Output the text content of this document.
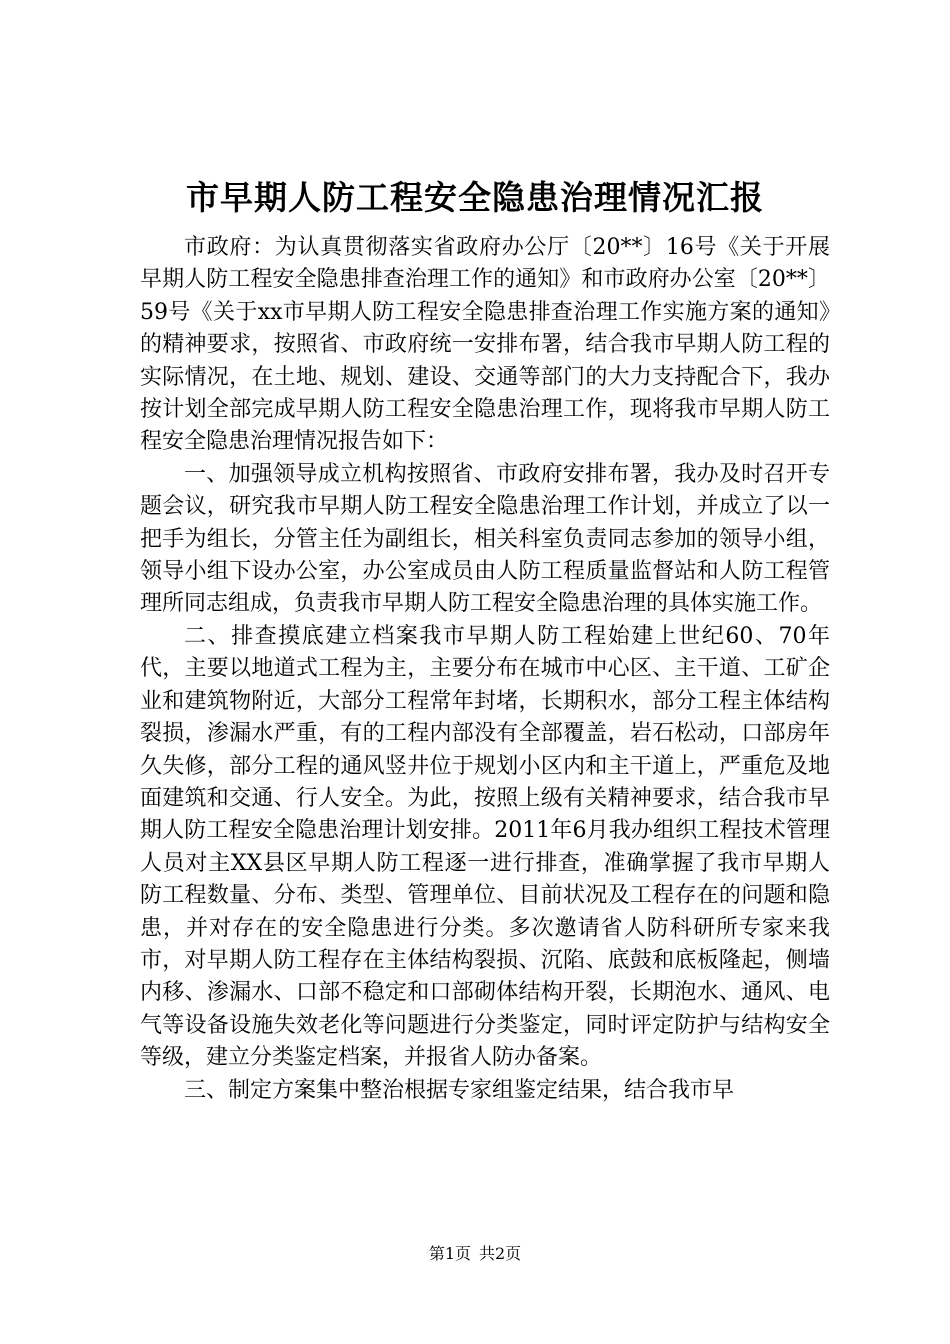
市早期人防工程安全隐患治理情况汇报

市政府：为认真贯彻落实省政府办公厅〔20**〕16号《关于开展早期人防工程安全隐患排查治理工作的通知》和市政府办公室〔20**〕59号《关于xx市早期人防工程安全隐患排查治理工作实施方案的通知》的精神要求，按照省、市政府统一安排布署，结合我市早期人防工程的实际情况，在土地、规划、建设、交通等部门的大力支持配合下，我办按计划全部完成早期人防工程安全隐患治理工作，现将我市早期人防工程安全隐患治理情况报告如下：

一、加强领导成立机构按照省、市政府安排布署，我办及时召开专题会议，研究我市早期人防工程安全隐患治理工作计划，并成立了以一把手为组长，分管主任为副组长，相关科室负责同志参加的领导小组，领导小组下设办公室，办公室成员由人防工程质量监督站和人防工程管理所同志组成，负责我市早期人防工程安全隐患治理的具体实施工作。

二、排查摸底建立档案我市早期人防工程始建上世纪60、70年代，主要以地道式工程为主，主要分布在城市中心区、主干道、工矿企业和建筑物附近，大部分工程常年封堵，长期积水，部分工程主体结构裂损，渗漏水严重，有的工程内部没有全部覆盖，岩石松动，口部房年久失修，部分工程的通风竖井位于规划小区内和主干道上，严重危及地面建筑和交通、行人安全。为此，按照上级有关精神要求，结合我市早期人防工程安全隐患治理计划安排。2011年6月我办组织工程技术管理人员对主XX县区早期人防工程逐一进行排查，准确掌握了我市早期人防工程数量、分布、类型、管理单位、目前状况及工程存在的问题和隐患，并对存在的安全隐患进行分类。多次邀请省人防科研所专家来我市，对早期人防工程存在主体结构裂损、沉陷、底鼓和底板隆起，侧墙内移、渗漏水、口部不稳定和口部砌体结构开裂，长期泡水、通风、电气等设备设施失效老化等问题进行分类鉴定，同时评定防护与结构安全等级，建立分类鉴定档案，并报省人防办备案。

三、制定方案集中整治根据专家组鉴定结果，结合我市早

第1页 共2页
